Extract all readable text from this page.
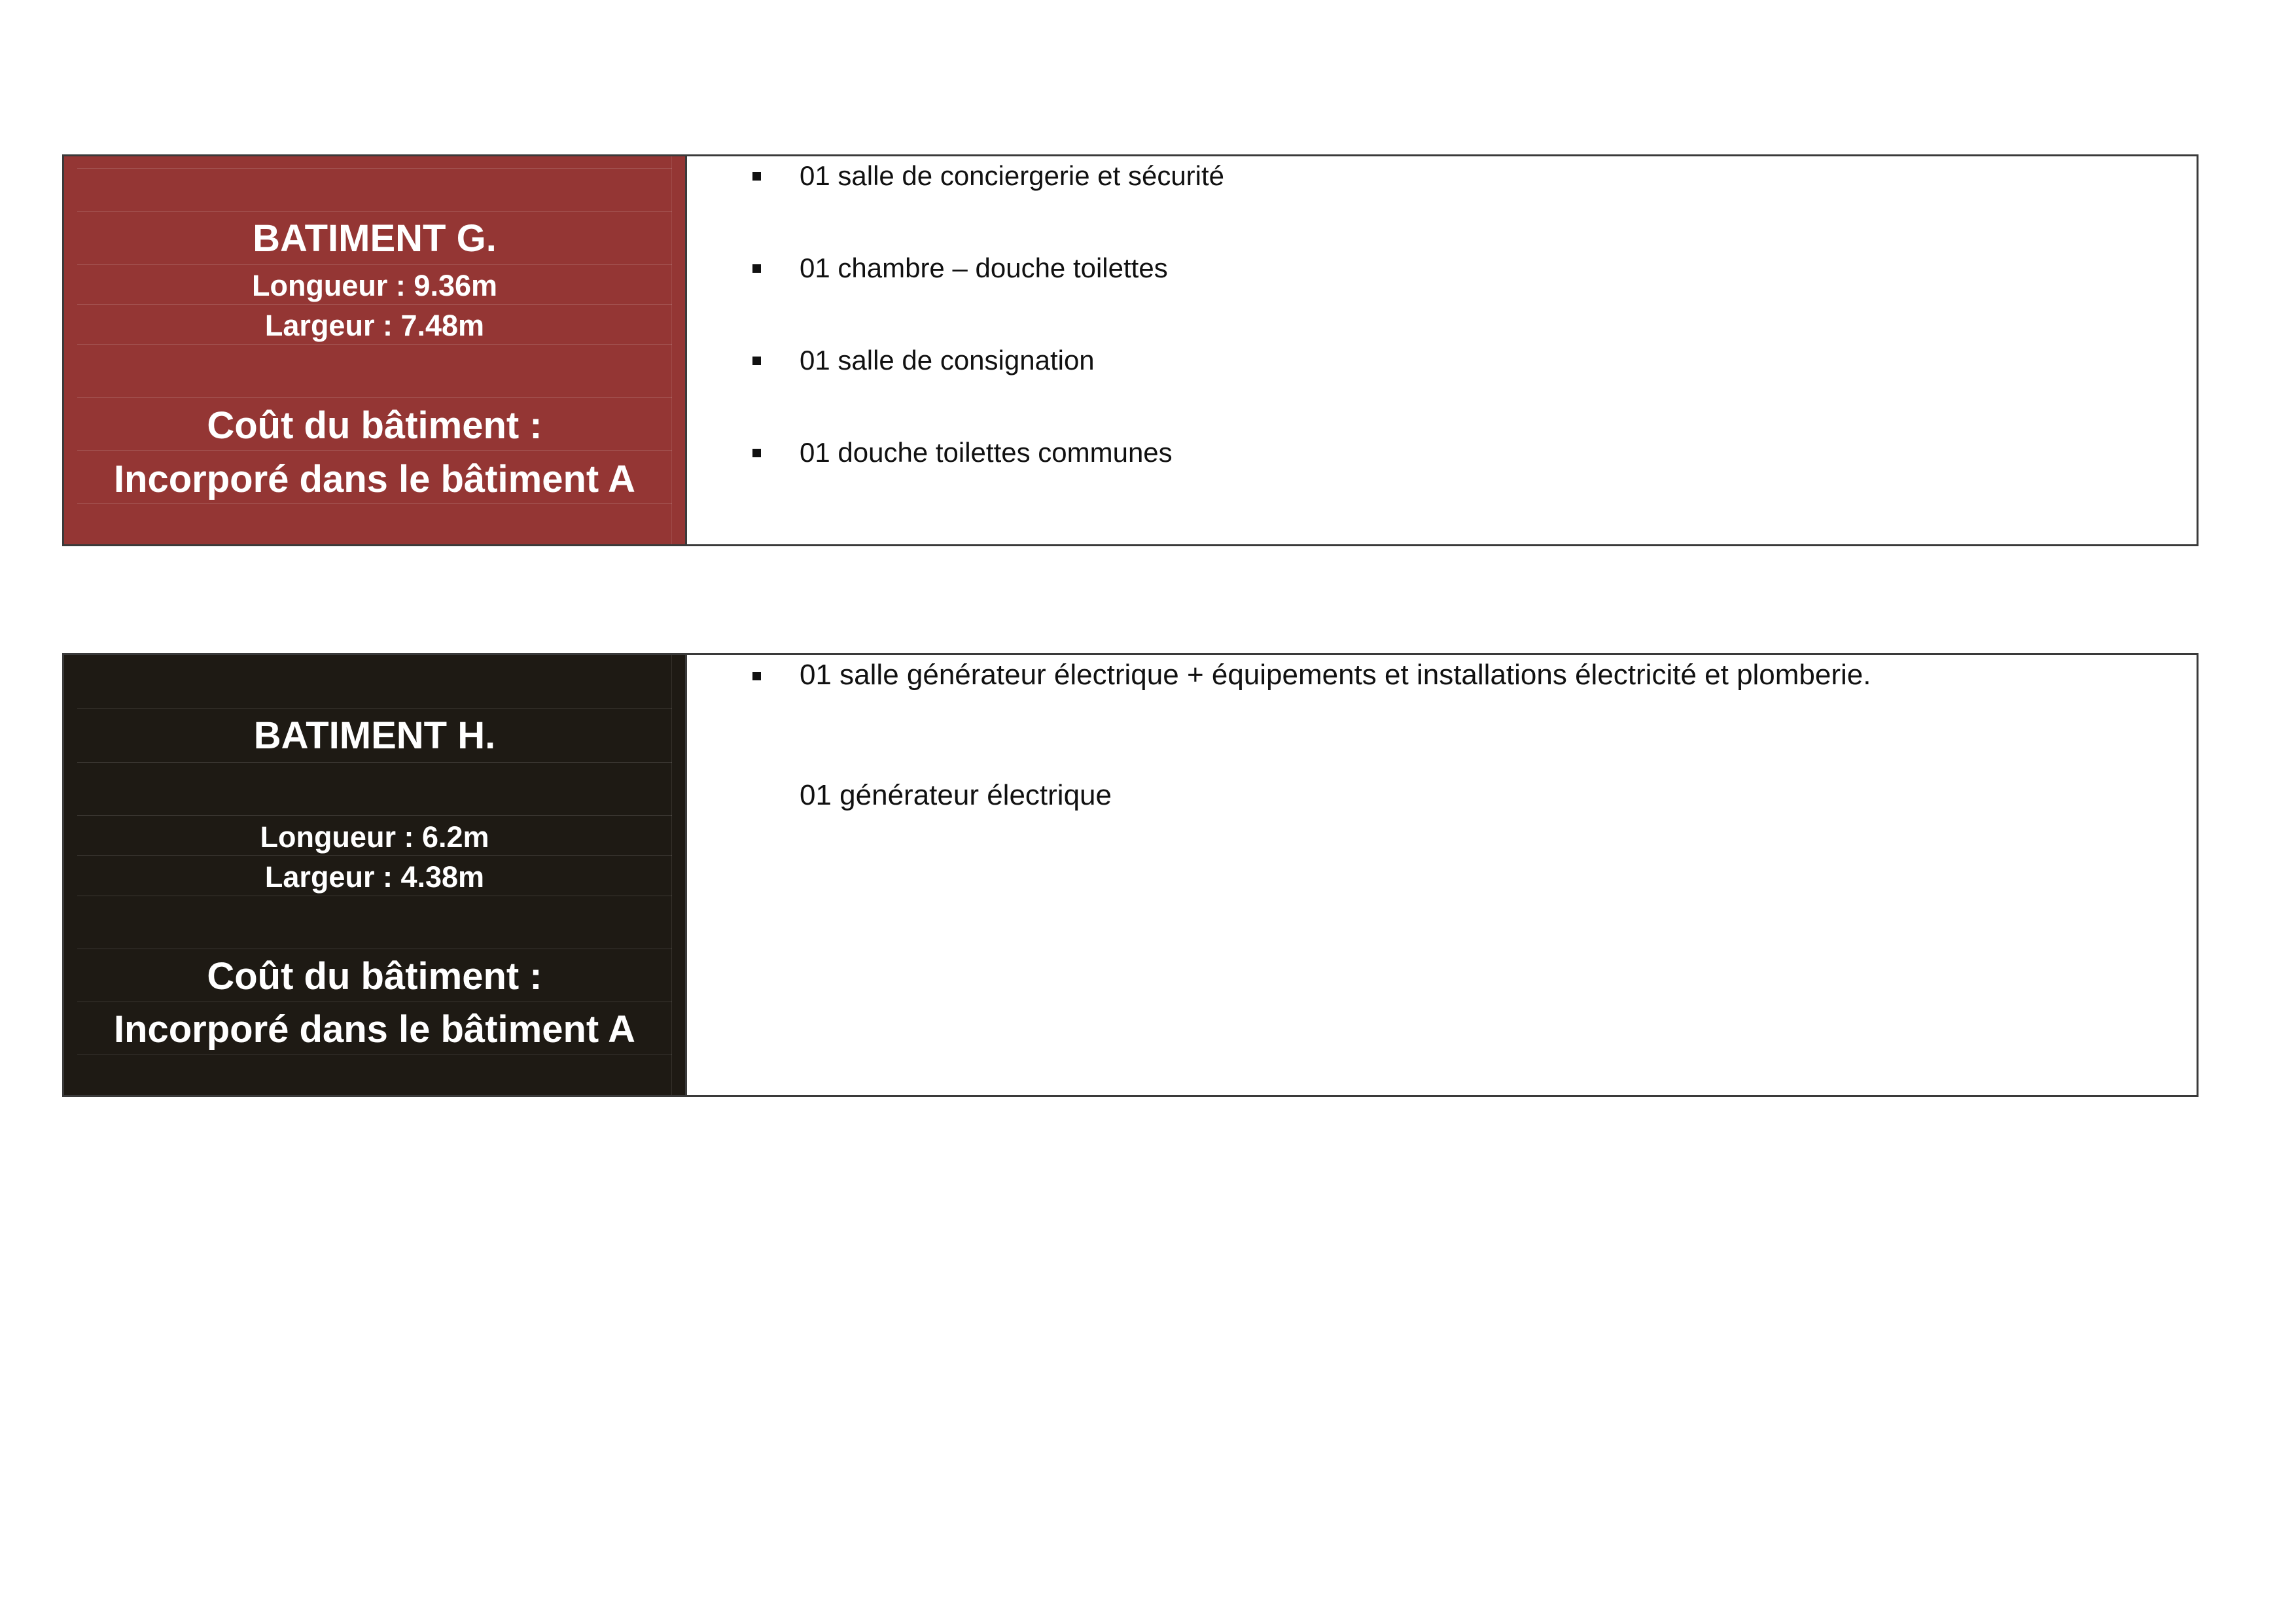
BATIMENT G.
Longueur : 9.36m
Largeur : 7.48m
Coût du bâtiment :
Incorporé dans le bâtiment A
01 salle de conciergerie et sécurité
01 chambre – douche toilettes
01 salle de consignation
01 douche toilettes communes
BATIMENT H.
Longueur : 6.2m
Largeur : 4.38m
Coût du bâtiment :
Incorporé dans le bâtiment A
01 salle générateur électrique + équipements et installations électricité et plomberie.
01 générateur électrique
